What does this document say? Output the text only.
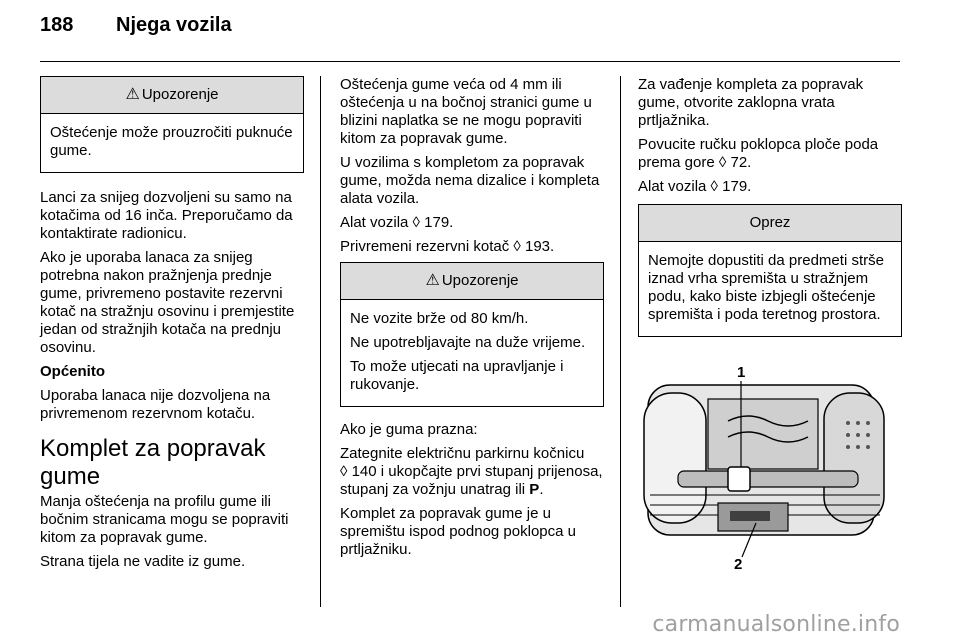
188 Njega vozila
⚠ Upozorenje

Oštećenje može prouzročiti puknuće gume.

Lanci za snijeg dozvoljeni su samo na kotačima od 16 inča. Preporučamo da kontaktirate radionicu.

Ako je uporaba lanaca za snijeg potrebna nakon pražnjenja prednje gume, privremeno postavite rezervni kotač na stražnju osovinu i premjestite jedan od stražnjih kotača na prednju osovinu.

Općenito

Uporaba lanaca nije dozvoljena na privremenom rezervnom kotaču.

Komplet za popravak gume

Manja oštećenja na profilu gume ili bočnim stranicama mogu se popraviti kitom za popravak gume.

Strana tijela ne vadite iz gume.

Oštećenja gume veća od 4 mm ili oštećenja u na bočnoj stranici gume u blizini naplatka se ne mogu popraviti kitom za popravak gume.

U vozilima s kompletom za popravak gume, možda nema dizalice i kompleta alata vozila.

Alat vozila ◊ 179.

Privremeni rezervni kotač ◊ 193.

⚠ Upozorenje

Ne vozite brže od 80 km/h.

Ne upotrebljavajte na duže vrijeme.

To može utjecati na upravljanje i rukovanje.

Ako je guma prazna:

Zategnite električnu parkirnu kočnicu
◊ 140 i ukopčajte prvi stupanj prijenosa, stupanj za vožnju unatrag ili P.

Komplet za popravak gume je u spremištu ispod podnog poklopca u prtljažniku.

Za vađenje kompleta za popravak gume, otvorite zaklopna vrata prtljažnika.

Povucite ručku poklopca ploče poda prema gore ◊ 72.

Alat vozila ◊ 179.

Oprez

Nemojte dopustiti da predmeti strše iznad vrha spremišta u stražnjem podu, kako biste izbjegli oštećenje spremišta i poda teretnog prostora.

1
2
carmanualsonline.info
